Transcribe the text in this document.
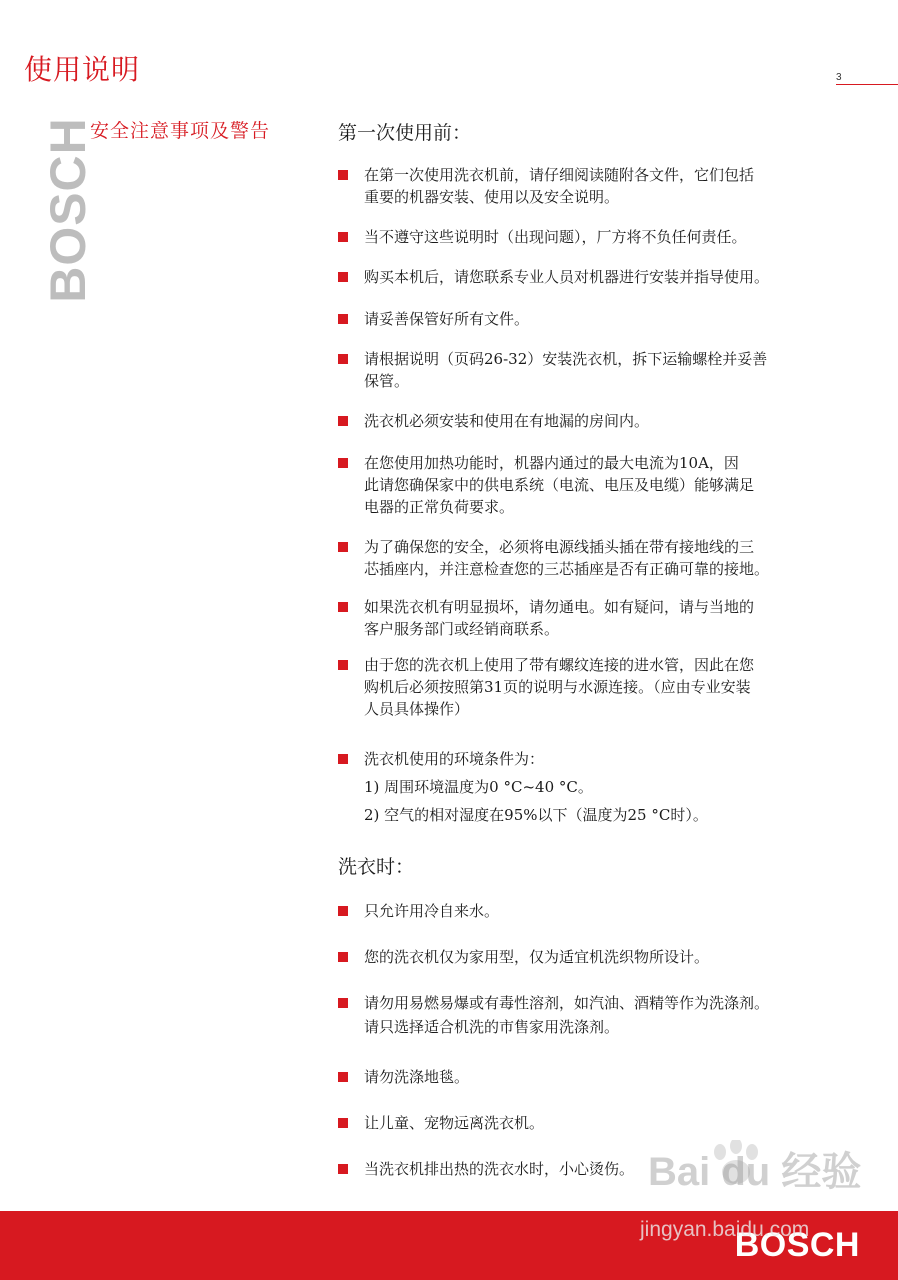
使用说明	3
BOSCH
安全注意事项及警告	第一次使用前：
在第一次使用洗衣机前，请仔细阅读随附各文件，它们包括
重要的机器安装、使用以及安全说明。
当不遵守这些说明时（出现问题），厂方将不负任何责任。
购买本机后，请您联系专业人员对机器进行安装并指导使用。
请妥善保管好所有文件。
请根据说明（页码26-32）安装洗衣机，拆下运输螺栓并妥善
保管。
洗衣机必须安装和使用在有地漏的房间内。
在您使用加热功能时，机器内通过的最大电流为10A，因
此请您确保家中的供电系统（电流、电压及电缆）能够满足
电器的正常负荷要求。
为了确保您的安全，必须将电源线插头插在带有接地线的三
芯插座内，并注意检查您的三芯插座是否有正确可靠的接地。
如果洗衣机有明显损坏，请勿通电。如有疑问，请与当地的
客户服务部门或经销商联系。
由于您的洗衣机上使用了带有螺纹连接的进水管，因此在您
购机后必须按照第31页的说明与水源连接。（应由专业安装
人员具体操作）
洗衣机使用的环境条件为：
1) 周围环境温度为0 °C~40 °C。
2) 空气的相对湿度在95%以下（温度为25 °C时）。
洗衣时：
只允许用冷自来水。
您的洗衣机仅为家用型，仅为适宜机洗织物所设计。
请勿用易燃易爆或有毒性溶剂，如汽油、酒精等作为洗涤剂。
请只选择适合机洗的市售家用洗涤剂。
请勿洗涤地毯。
让儿童、宠物远离洗衣机。
当洗衣机排出热的洗衣水时，小心烫伤。
BOSCH
Bai du 经验
jingyan.baidu.com
